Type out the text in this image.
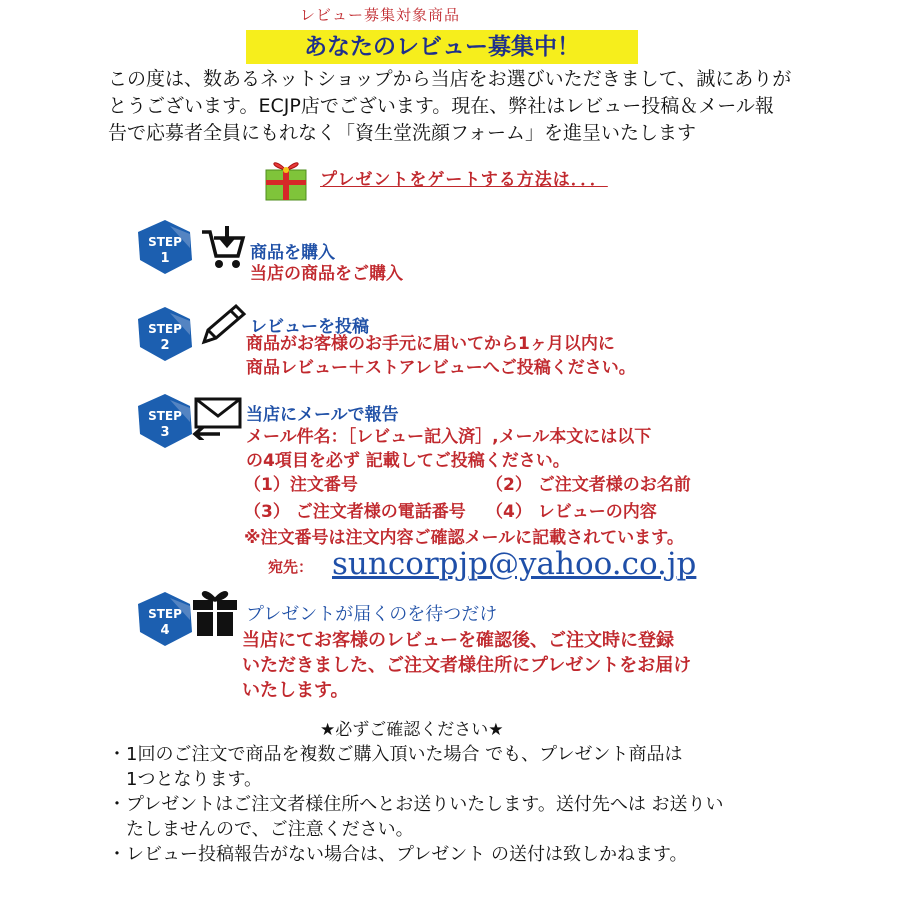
レビュー募集対象商品
あなたのレビュー募集中！
この度は、数あるネットショップから当店をお選びいただきまして、誠にありが
とうございます。ECJP店でございます。現在、弊社はレビュー投稿＆メール報
告で応募者全員にもれなく「資生堂洗顔フォーム」を進呈いたします
プレゼントをゲートする方法は．．．
STEP
1	商品を購入
当店の商品をご購入
STEP
2
レビューを投稿
商品がお客様のお手元に届いてから1ヶ月以内に
商品レビュー＋ストアレビューへご投稿ください。
STEP
3
当店にメールで報告
メール件名：［レビュー記入済］,メール本文には以下
の4項目を必ず 記載してご投稿ください。
（1）注文番号	（2） ご注文者様のお名前
（3） ご注文者様の電話番号 （4） レビューの内容
※注文番号は注文内容ご確認メールに記載されています。
宛先： suncorpjp@yahoo.co.jp
STEP
4
プレゼントが届くのを待つだけ
当店にてお客様のレビューを確認後、ご注文時に登録
いただきました、ご注文者様住所にプレゼントをお届け
いたします。
★必ずご確認ください★

・1回のご注文で商品を複数ご購入頂いた場合 でも、プレゼント商品は

　1つとなります。

・プレゼントはご注文者様住所へとお送りいたします。送付先へは お送りい

　たしませんので、ご注意ください。

・レビュー投稿報告がない場合は、プレゼント の送付は致しかねます。
